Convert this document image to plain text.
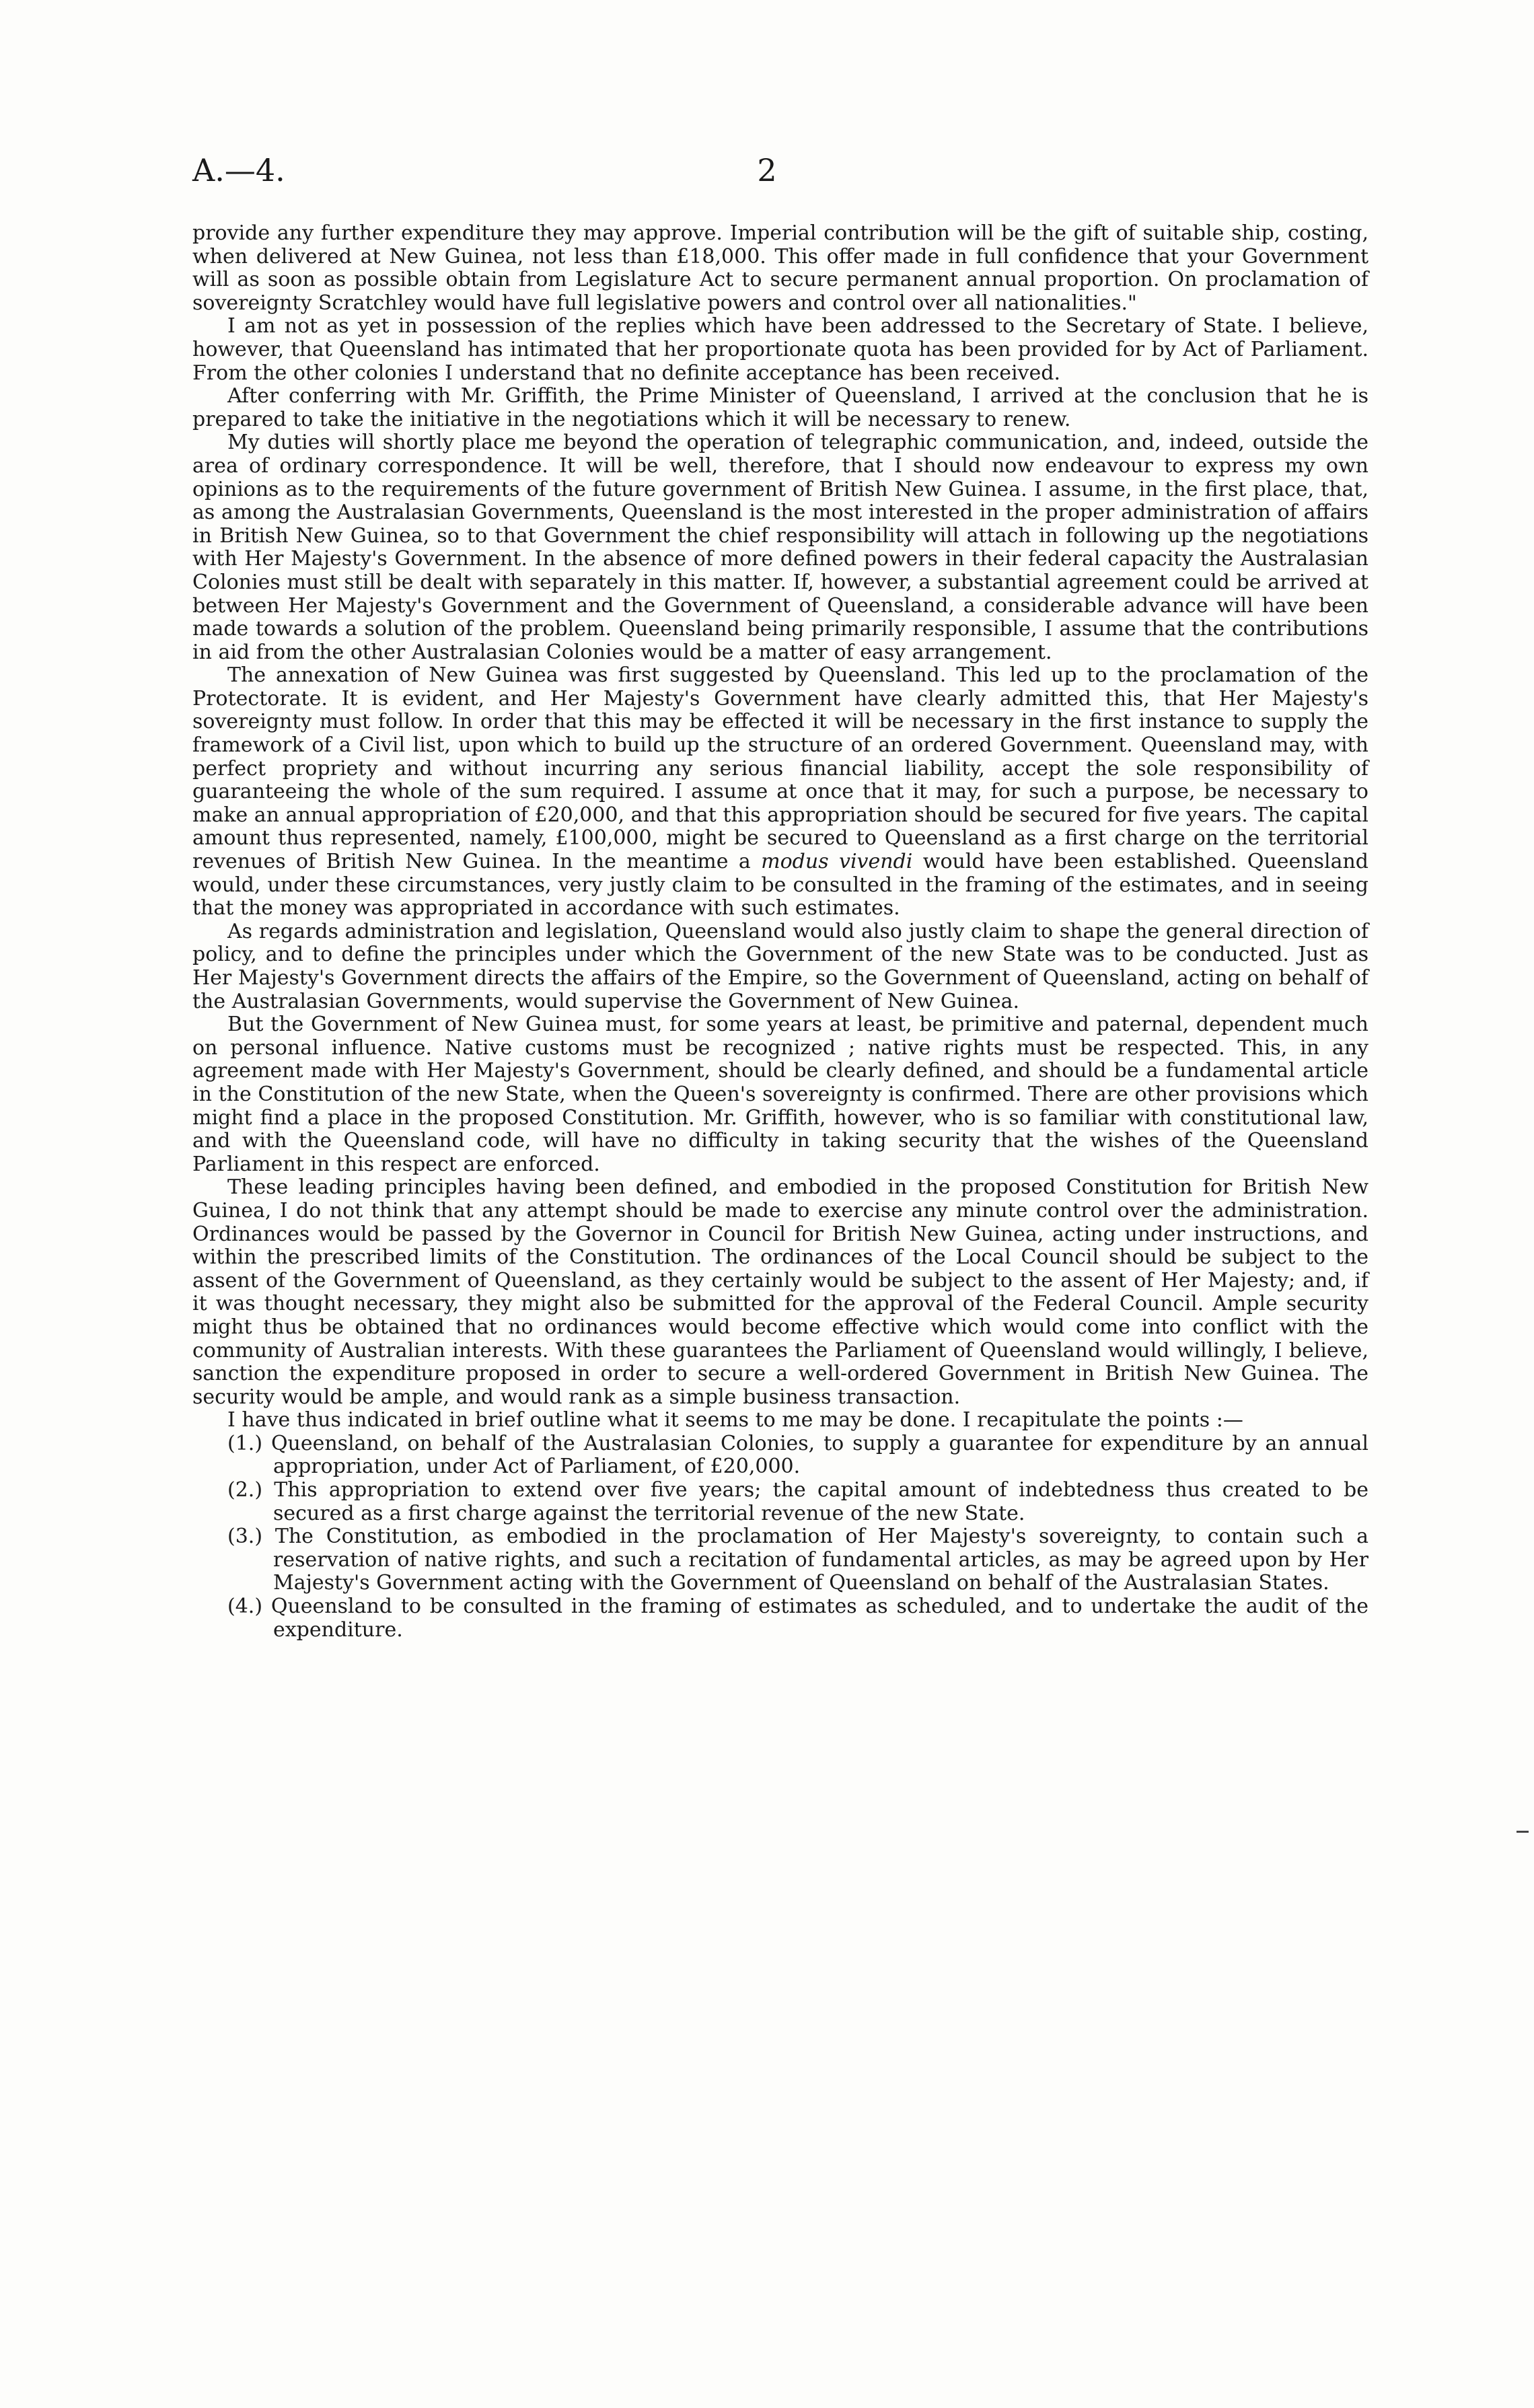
A.—4.	2

provide any further expenditure they may approve. Imperial contribution will be the gift of suitable ship, costing, when delivered at New Guinea, not less than £18,000. This offer made in full confidence that your Government will as soon as possible obtain from Legislature Act to secure permanent annual proportion. On proclamation of sovereignty Scratchley would have full legislative powers and control over all nationalities."

I am not as yet in possession of the replies which have been addressed to the Secretary of State. I believe, however, that Queensland has intimated that her proportionate quota has been provided for by Act of Parliament. From the other colonies I understand that no definite acceptance has been received.

After conferring with Mr. Griffith, the Prime Minister of Queensland, I arrived at the conclusion that he is prepared to take the initiative in the negotiations which it will be necessary to renew.

My duties will shortly place me beyond the operation of telegraphic communication, and, indeed, outside the area of ordinary correspondence. It will be well, therefore, that I should now endeavour to express my own opinions as to the requirements of the future government of British New Guinea. I assume, in the first place, that, as among the Australasian Governments, Queensland is the most interested in the proper administration of affairs in British New Guinea, so to that Government the chief responsibility will attach in following up the negotiations with Her Majesty's Government. In the absence of more defined powers in their federal capacity the Australasian Colonies must still be dealt with separately in this matter. If, however, a substantial agreement could be arrived at between Her Majesty's Government and the Government of Queensland, a considerable advance will have been made towards a solution of the problem. Queensland being primarily responsible, I assume that the contributions in aid from the other Australasian Colonies would be a matter of easy arrangement.

The annexation of New Guinea was first suggested by Queensland. This led up to the proclamation of the Protectorate. It is evident, and Her Majesty's Government have clearly admitted this, that Her Majesty's sovereignty must follow. In order that this may be effected it will be necessary in the first instance to supply the framework of a Civil list, upon which to build up the structure of an ordered Government. Queensland may, with perfect propriety and without incurring any serious financial liability, accept the sole responsibility of guaranteeing the whole of the sum required. I assume at once that it may, for such a purpose, be necessary to make an annual appropriation of £20,000, and that this appropriation should be secured for five years. The capital amount thus represented, namely, £100,000, might be secured to Queensland as a first charge on the territorial revenues of British New Guinea. In the meantime a modus vivendi would have been established. Queensland would, under these circumstances, very justly claim to be consulted in the framing of the estimates, and in seeing that the money was appropriated in accordance with such estimates.

As regards administration and legislation, Queensland would also justly claim to shape the general direction of policy, and to define the principles under which the Government of the new State was to be conducted. Just as Her Majesty's Government directs the affairs of the Empire, so the Government of Queensland, acting on behalf of the Australasian Governments, would supervise the Government of New Guinea.

But the Government of New Guinea must, for some years at least, be primitive and paternal, dependent much on personal influence. Native customs must be recognized ; native rights must be respected. This, in any agreement made with Her Majesty's Government, should be clearly defined, and should be a fundamental article in the Constitution of the new State, when the Queen's sovereignty is confirmed. There are other provisions which might find a place in the proposed Constitution. Mr. Griffith, however, who is so familiar with constitutional law, and with the Queensland code, will have no difficulty in taking security that the wishes of the Queensland Parliament in this respect are enforced.

These leading principles having been defined, and embodied in the proposed Constitution for British New Guinea, I do not think that any attempt should be made to exercise any minute control over the administration. Ordinances would be passed by the Governor in Council for British New Guinea, acting under instructions, and within the prescribed limits of the Constitution. The ordinances of the Local Council should be subject to the assent of the Government of Queensland, as they certainly would be subject to the assent of Her Majesty; and, if it was thought necessary, they might also be submitted for the approval of the Federal Council. Ample security might thus be obtained that no ordinances would become effective which would come into conflict with the community of Australian interests. With these guarantees the Parliament of Queensland would willingly, I believe, sanction the expenditure proposed in order to secure a well-ordered Government in British New Guinea. The security would be ample, and would rank as a simple business transaction.

I have thus indicated in brief outline what it seems to me may be done. I recapitulate the points :—

(1.) Queensland, on behalf of the Australasian Colonies, to supply a guarantee for expenditure by an annual appropriation, under Act of Parliament, of £20,000.
(2.) This appropriation to extend over five years; the capital amount of indebtedness thus created to be secured as a first charge against the territorial revenue of the new State.
(3.) The Constitution, as embodied in the proclamation of Her Majesty's sovereignty, to contain such a reservation of native rights, and such a recitation of fundamental articles, as may be agreed upon by Her Majesty's Government acting with the Government of Queensland on behalf of the Australasian States.
(4.) Queensland to be consulted in the framing of estimates as scheduled, and to undertake the audit of the expenditure.
